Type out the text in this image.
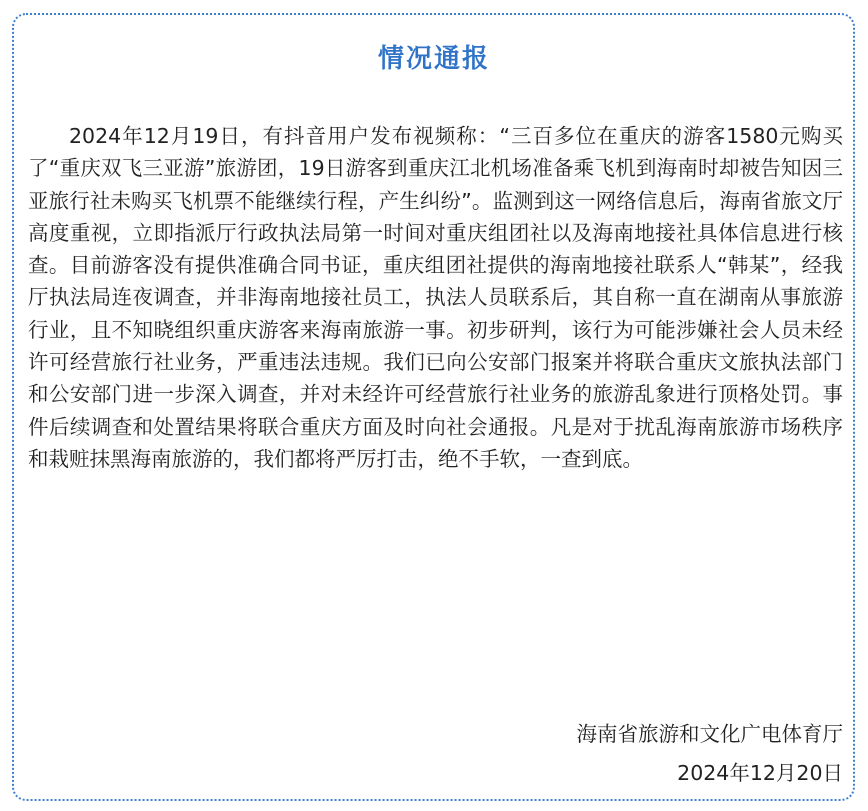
情况通报

2024年12月19日，有抖音用户发布视频称：“三百多位在重庆的游客1580元购买了“重庆双飞三亚游”旅游团，19日游客到重庆江北机场准备乘飞机到海南时却被告知因三亚旅行社未购买飞机票不能继续行程，产生纠纷”。监测到这一网络信息后，海南省旅文厅高度重视，立即指派厅行政执法局第一时间对重庆组团社以及海南地接社具体信息进行核查。目前游客没有提供准确合同书证，重庆组团社提供的海南地接社联系人“韩某”，经我厅执法局连夜调查，并非海南地接社员工，执法人员联系后，其自称一直在湖南从事旅游行业，且不知晓组织重庆游客来海南旅游一事。初步研判，该行为可能涉嫌社会人员未经许可经营旅行社业务，严重违法违规。我们已向公安部门报案并将联合重庆文旅执法部门和公安部门进一步深入调查，并对未经许可经营旅行社业务的旅游乱象进行顶格处罚。事件后续调查和处置结果将联合重庆方面及时向社会通报。凡是对于扰乱海南旅游市场秩序和栽赃抹黑海南旅游的，我们都将严厉打击，绝不手软，一查到底。

海南省旅游和文化广电体育厅
2024年12月20日
